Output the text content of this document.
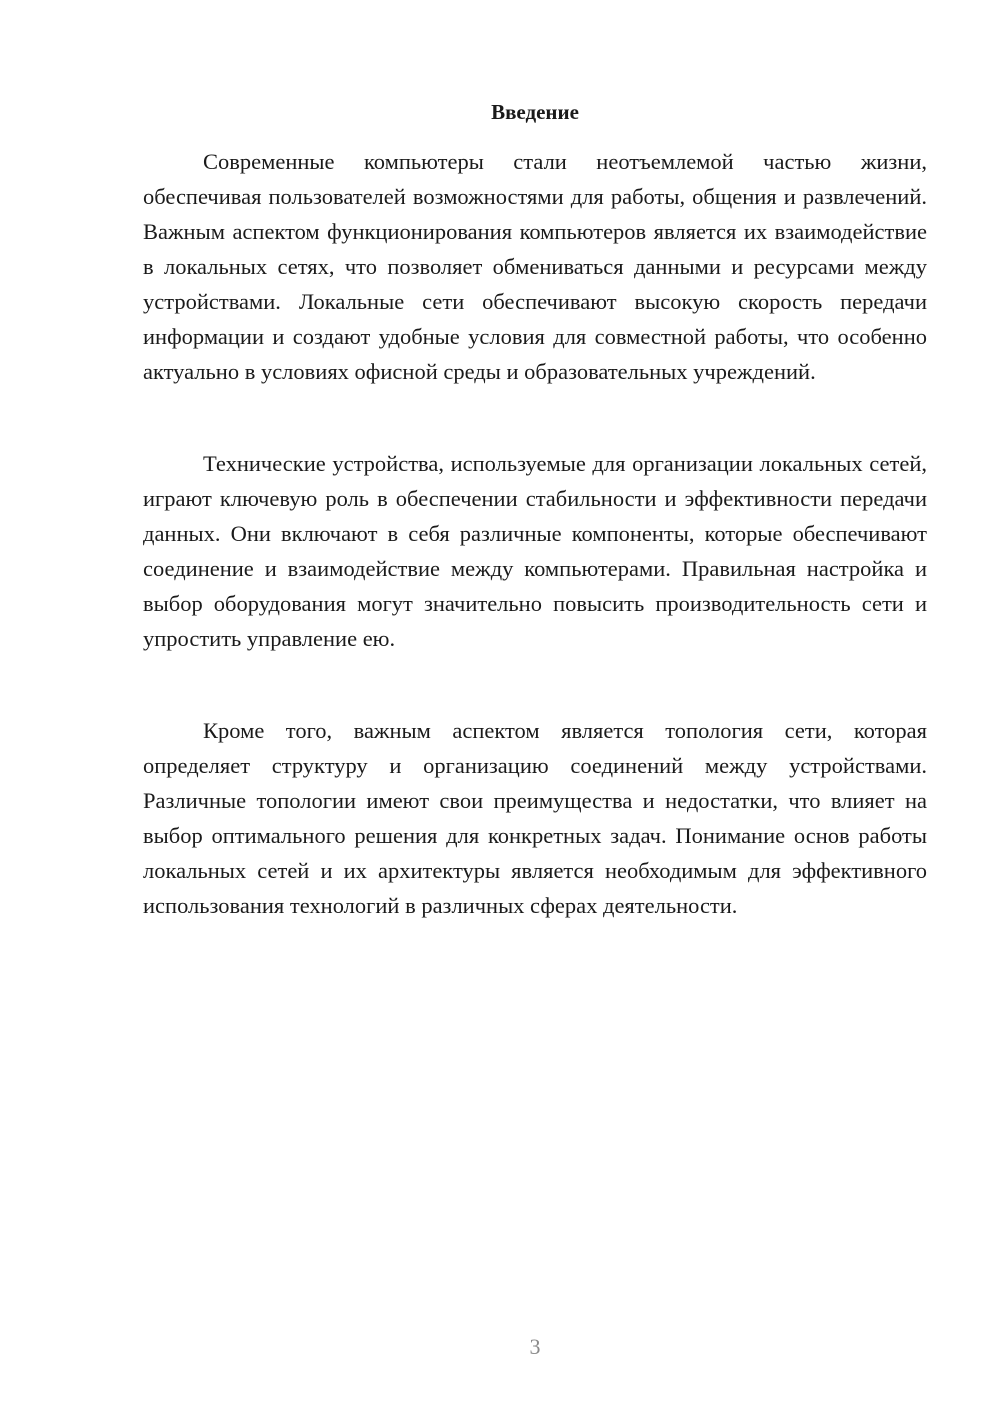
Введение

Современные компьютеры стали неотъемлемой частью жизни, обеспечивая пользователей возможностями для работы, общения и развлечений. Важным аспектом функционирования компьютеров является их взаимодействие в локальных сетях, что позволяет обмениваться данными и ресурсами между устройствами. Локальные сети обеспечивают высокую скорость передачи информации и создают удобные условия для совместной работы, что особенно актуально в условиях офисной среды и образовательных учреждений.

Технические устройства, используемые для организации локальных сетей, играют ключевую роль в обеспечении стабильности и эффективности передачи данных. Они включают в себя различные компоненты, которые обеспечивают соединение и взаимодействие между компьютерами. Правильная настройка и выбор оборудования могут значительно повысить производительность сети и упростить управление ею.

Кроме того, важным аспектом является топология сети, которая определяет структуру и организацию соединений между устройствами. Различные топологии имеют свои преимущества и недостатки, что влияет на выбор оптимального решения для конкретных задач. Понимание основ работы локальных сетей и их архитектуры является необходимым для эффективного использования технологий в различных сферах деятельности.

3
